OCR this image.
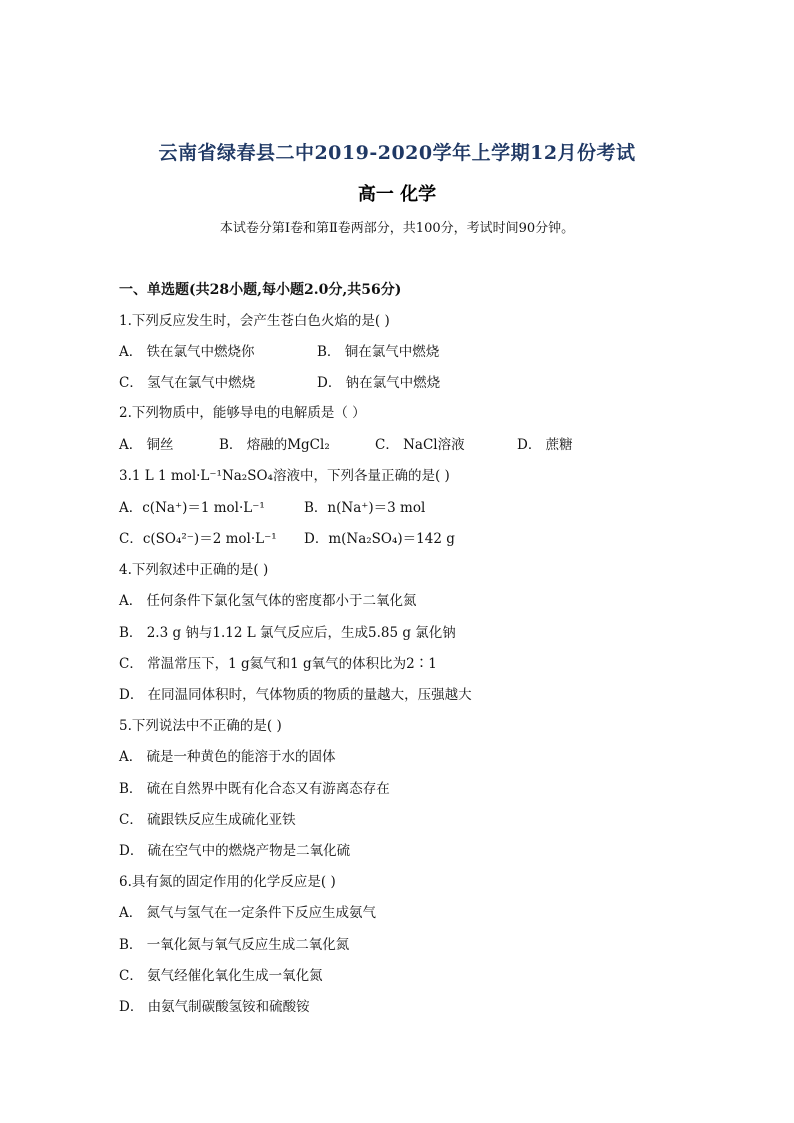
云南省绿春县二中2019-2020学年上学期12月份考试
高一 化学
本试卷分第Ⅰ卷和第Ⅱ卷两部分，共100分，考试时间90分钟。
一、单选题(共28小题,每小题2.0分,共56分)
1.下列反应发生时，会产生苍白色火焰的是( )
A． 铁在氯气中燃烧你	B． 铜在氯气中燃烧
C． 氢气在氯气中燃烧	D． 钠在氯气中燃烧
2.下列物质中，能够导电的电解质是（ ）
A． 铜丝	B． 熔融的MgCl₂	C． NaCl溶液	D． 蔗糖
3.1 L 1 mol·L⁻¹Na₂SO₄溶液中，下列各量正确的是( )
A．c(Na⁺)＝1 mol·L⁻¹	B．n(Na⁺)＝3 mol
C．c(SO₄²⁻)＝2 mol·L⁻¹ D．m(Na₂SO₄)＝142 g
4.下列叙述中正确的是( )
A． 任何条件下氯化氢气体的密度都小于二氧化氮
B． 2.3 g 钠与1.12 L 氯气反应后，生成5.85 g 氯化钠
C． 常温常压下，1 g氦气和1 g氧气的体积比为2∶1
D． 在同温同体积时，气体物质的物质的量越大，压强越大
5.下列说法中不正确的是( )
A． 硫是一种黄色的能溶于水的固体
B． 硫在自然界中既有化合态又有游离态存在
C． 硫跟铁反应生成硫化亚铁
D． 硫在空气中的燃烧产物是二氧化硫
6.具有氮的固定作用的化学反应是( )
A． 氮气与氢气在一定条件下反应生成氨气
B． 一氧化氮与氧气反应生成二氧化氮
C． 氨气经催化氧化生成一氧化氮
D． 由氨气制碳酸氢铵和硫酸铵
